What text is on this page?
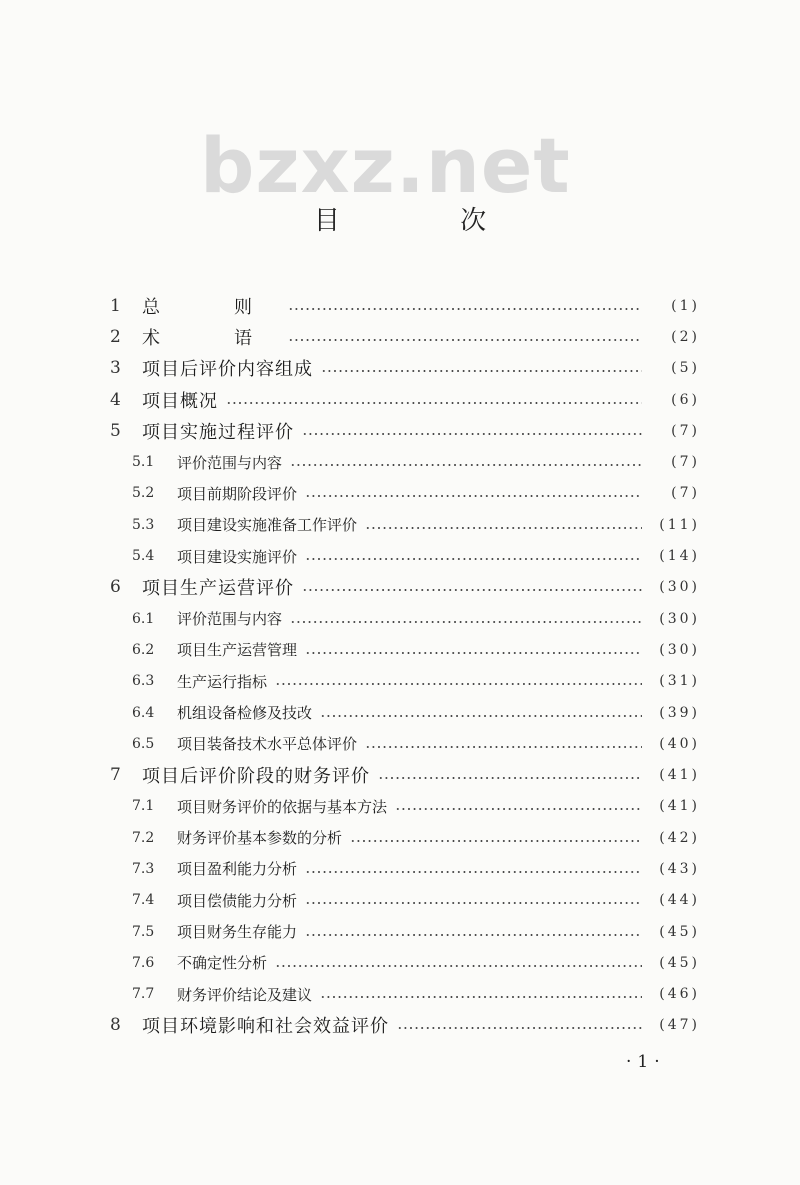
bzxz.net
目 次
1	总　则	(1)
2	术　语	(2)
3	项目后评价内容组成	(5)
4	项目概况	(6)
5	项目实施过程评价	(7)
5.1	评价范围与内容	(7)
5.2	项目前期阶段评价	(7)
5.3	项目建设实施准备工作评价	(11)
5.4	项目建设实施评价	(14)
6	项目生产运营评价	(30)
6.1	评价范围与内容	(30)
6.2	项目生产运营管理	(30)
6.3	生产运行指标	(31)
6.4	机组设备检修及技改	(39)
6.5	项目装备技术水平总体评价	(40)
7	项目后评价阶段的财务评价	(41)
7.1	项目财务评价的依据与基本方法	(41)
7.2	财务评价基本参数的分析	(42)
7.3	项目盈利能力分析	(43)
7.4	项目偿债能力分析	(44)
7.5	项目财务生存能力	(45)
7.6	不确定性分析	(45)
7.7	财务评价结论及建议	(46)
8	项目环境影响和社会效益评价	(47)
·1·
